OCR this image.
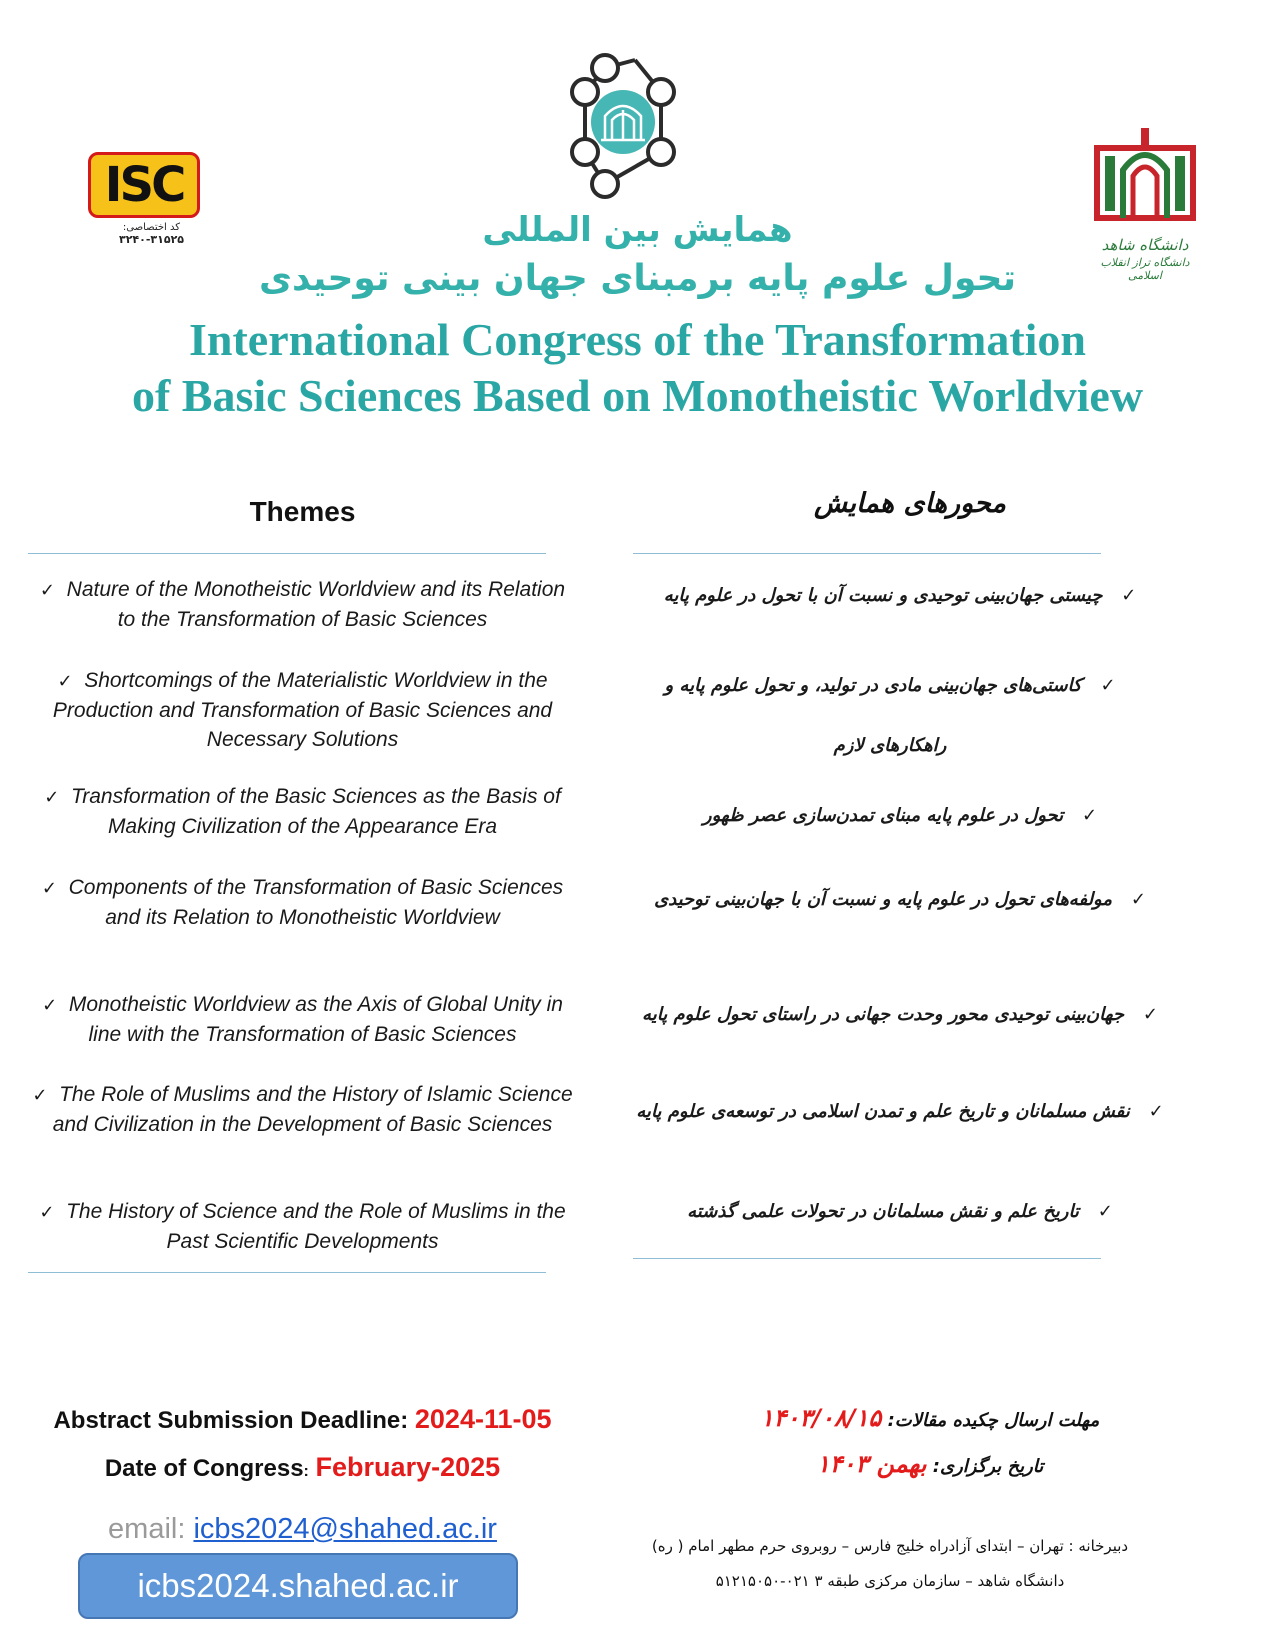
ISC
کد اختصاصی:
۳۲۴۰-۳۱۵۲۵	دانشگاه شاهد
دانشگاه تراز انقلاب اسلامی
همایش بین المللی
تحول علوم پایه برمبنای جهان بینی توحیدی
International Congress of the Transformation
of Basic Sciences Based on Monotheistic Worldview
Themes	محورهای همایش
✓ Nature of the Monotheistic Worldview and its Relation to the Transformation of Basic Sciences
✓ Shortcomings of the Materialistic Worldview in the Production and Transformation of Basic Sciences and Necessary Solutions
✓ Transformation of the Basic Sciences as the Basis of Making Civilization of the Appearance Era
✓ Components of the Transformation of Basic Sciences and its Relation to Monotheistic Worldview
✓ Monotheistic Worldview as the Axis of Global Unity in line with the Transformation of Basic Sciences
✓ The Role of Muslims and the History of Islamic Science and Civilization in the Development of Basic Sciences
✓ The History of Science and the Role of Muslims in the Past Scientific Developments
✓   چیستی جهان‌بینی توحیدی و نسبت آن با تحول در علوم پایه
✓   کاستی‌های جهان‌بینی مادی در تولید، و تحول علوم پایه و راهکارهای لازم
✓   تحول در علوم پایه مبنای تمدن‌سازی عصر ظهور
✓   مولفه‌های تحول در علوم پایه و نسبت آن با جهان‌بینی توحیدی
✓   جهان‌بینی توحیدی محور وحدت جهانی در راستای تحول علوم پایه
✓   نقش مسلمانان و تاریخ علم و تمدن اسلامی در توسعه‌ی علوم پایه
✓   تاریخ علم و نقش مسلمانان در تحولات علمی گذشته
Abstract Submission Deadline: 2024-11-05
Date of Congress: February-2025
email: icbs2024@shahed.ac.ir
icbs2024.shahed.ac.ir
مهلت ارسال چکیده مقالات: ۱۴۰۳/۰۸/۱۵
تاریخ برگزاری: بهمن ۱۴۰۳
دبیرخانه : تهران – ابتدای آزادراه خلیج فارس – روبروی حرم مطهر امام ( ره)
دانشگاه شاهد – سازمان مرکزی طبقه ۳ ۰۲۱-۵۱۲۱۵۰۵۰
